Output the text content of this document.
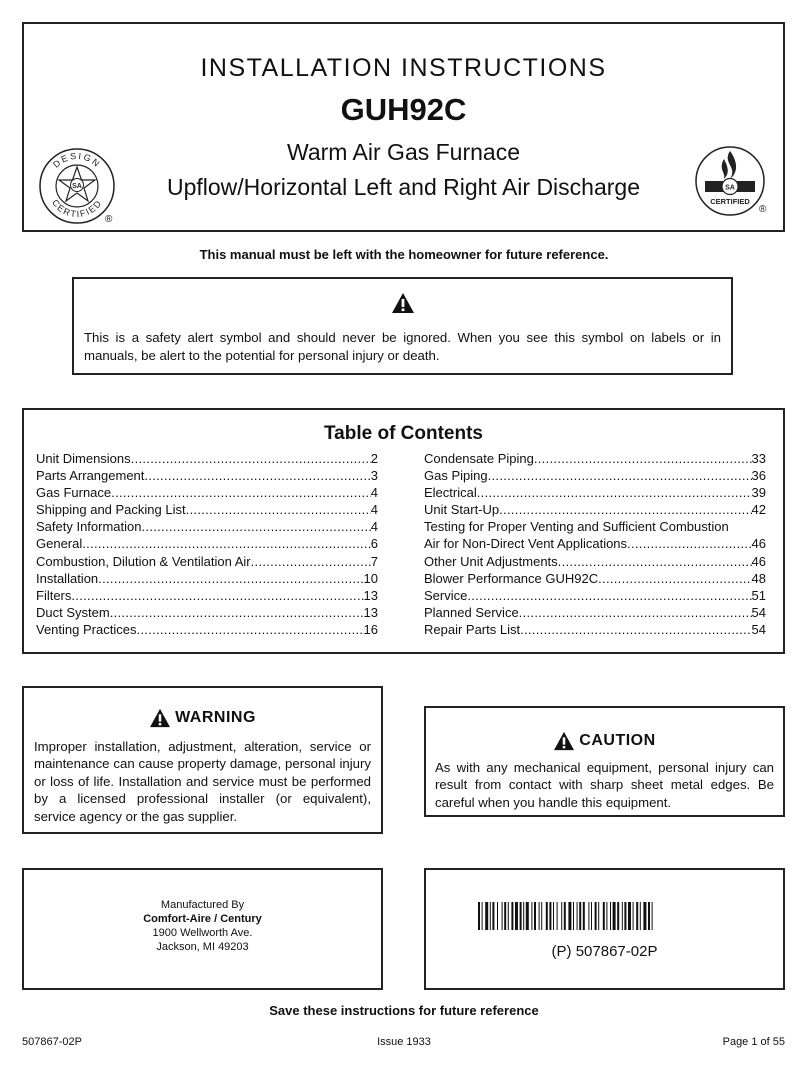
INSTALLATION INSTRUCTIONS
GUH92C
Warm Air Gas Furnace
Upflow/Horizontal Left and Right Air Discharge
SA
DESIGN
CERTIFIED
®
SA
CERTIFIED
®
This manual must be left with the homeowner for future reference.
This is a safety alert symbol and should never be ignored. When you see this symbol on labels or in manuals, be alert to the potential for personal injury or death.
Table of Contents
Unit Dimensions .....	2
Parts Arrangement .....	3
Gas Furnace .....	4
Shipping and Packing List .....	4
Safety Information .....	4
General .....	6
Combustion, Dilution & Ventilation Air .....	7
Installation .....	10
Filters .....	13
Duct System .....	13
Venting Practices .....	16
Condensate Piping .....	33
Gas Piping .....	36
Electrical .....	39
Unit Start-Up .....	42
Testing for Proper Venting and Sufficient Combustion
Air for Non-Direct Vent Applications .....	46
Other Unit Adjustments .....	46
Blower Performance GUH92C .....	48
Service .....	51
Planned Service .....	54
Repair Parts List .....	54
WARNING
Improper installation, adjustment, alteration, service or maintenance can cause property damage, personal injury or loss of life. Installation and service must be performed by a licensed professional installer (or equivalent), service agency or the gas supplier.
CAUTION
As with any mechanical equipment, personal injury can result from contact with sharp sheet metal edges. Be careful when you handle this equipment.
Manufactured By
Comfort-Aire / Century
1900 Wellworth Ave.
Jackson, MI 49203	(P) 507867-02P
Save these instructions for future reference
507867-02P	Issue 1933	Page 1 of 55
